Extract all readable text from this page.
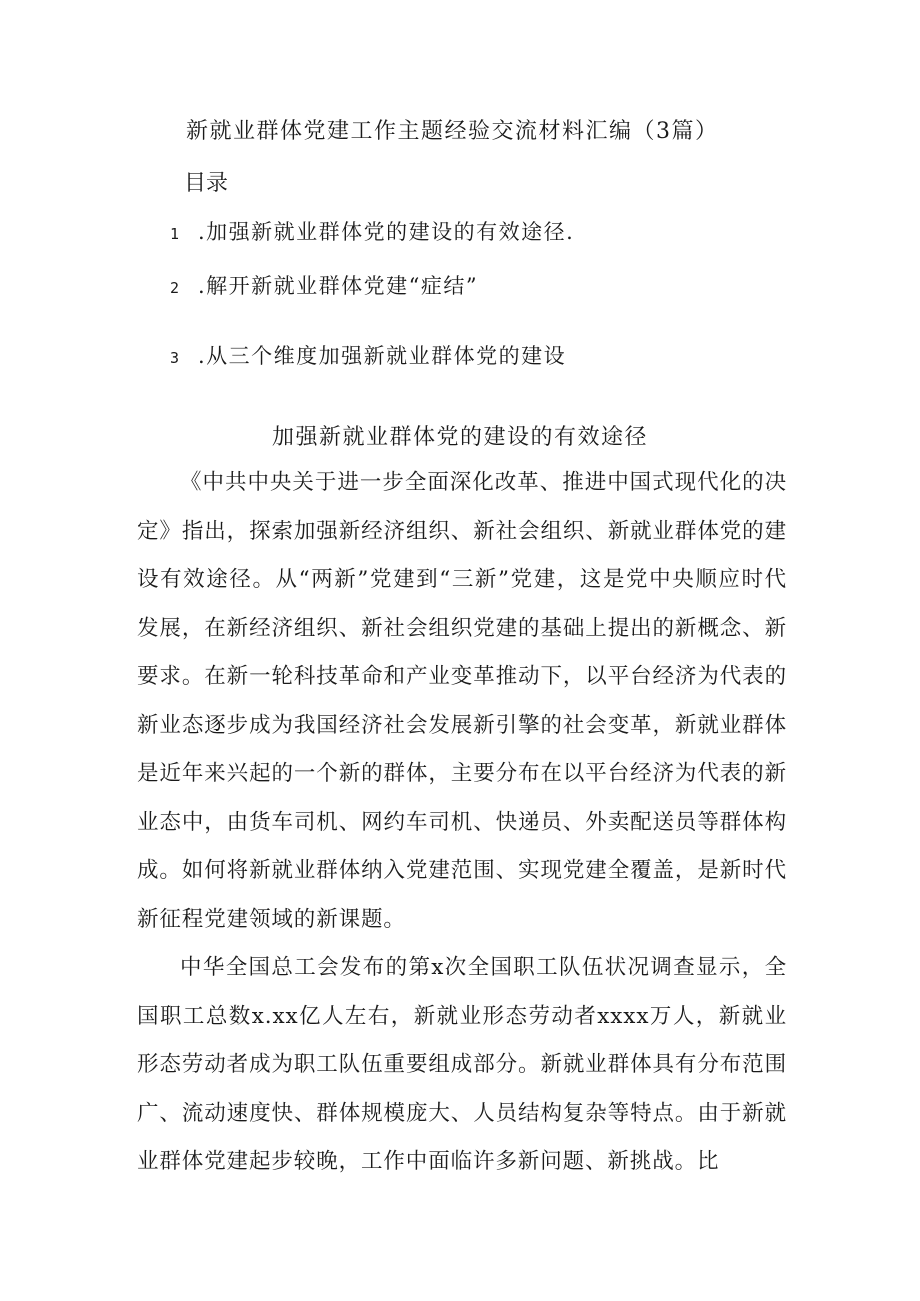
新就业群体党建工作主题经验交流材料汇编（3篇）
目录
1 .加强新就业群体党的建设的有效途径.
2 .解开新就业群体党建“症结”
3 .从三个维度加强新就业群体党的建设
加强新就业群体党的建设的有效途径

《中共中央关于进一步全面深化改革、推进中国式现代化的决定》指出，探索加强新经济组织、新社会组织、新就业群体党的建设有效途径。从“两新”党建到“三新”党建，这是党中央顺应时代发展，在新经济组织、新社会组织党建的基础上提出的新概念、新要求。在新一轮科技革命和产业变革推动下，以平台经济为代表的新业态逐步成为我国经济社会发展新引擎的社会变革，新就业群体是近年来兴起的一个新的群体，主要分布在以平台经济为代表的新业态中，由货车司机、网约车司机、快递员、外卖配送员等群体构成。如何将新就业群体纳入党建范围、实现党建全覆盖，是新时代新征程党建领域的新课题。

中华全国总工会发布的第x次全国职工队伍状况调查显示，全国职工总数x.xx亿人左右，新就业形态劳动者xxxx万人，新就业形态劳动者成为职工队伍重要组成部分。新就业群体具有分布范围广、流动速度快、群体规模庞大、人员结构复杂等特点。由于新就业群体党建起步较晚，工作中面临许多新问题、新挑战。比
